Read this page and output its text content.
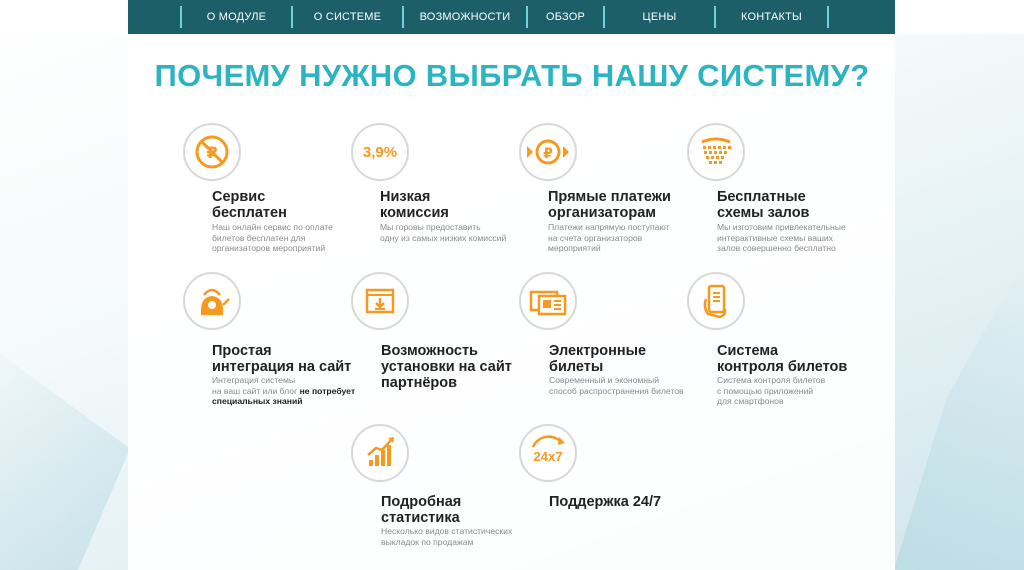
О МОДУЛЕ	О СИСТЕМЕ	ВОЗМОЖНОСТИ	ОБЗОР	ЦЕНЫ	КОНТАКТЫ
ПОЧЕМУ НУЖНО ВЫБРАТЬ НАШУ СИСТЕМУ?
₽
Сервис
бесплатен
Наш онлайн сервис по оплате
билетов бесплатен для
организаторов мероприятий
3,9%
Низкая
комиссия
Мы горовы предоставить
одну из самых низких комиссий
₽
Прямые платежи
организаторам
Платежи напрямую поступают
на счета организаторов
мероприятий
Бесплатные
схемы залов
Мы изготовим привлекательные
интерактивные схемы ваших
залов совершенно бесплатно
Простая
интеграция на сайт
Интеграция системы
на ваш сайт или блог не потребует
специальных знаний
Возможность
установки на сайт
партнёров
Электронные
билеты
Современный и экономный
способ распространения билетов
Система
контроля билетов
Система контроля билетов
с помощью приложений
для смартфонов
Подробная
статистика
Несколько видов статистических
выкладок по продажам
24x7
Поддержка 24/7
